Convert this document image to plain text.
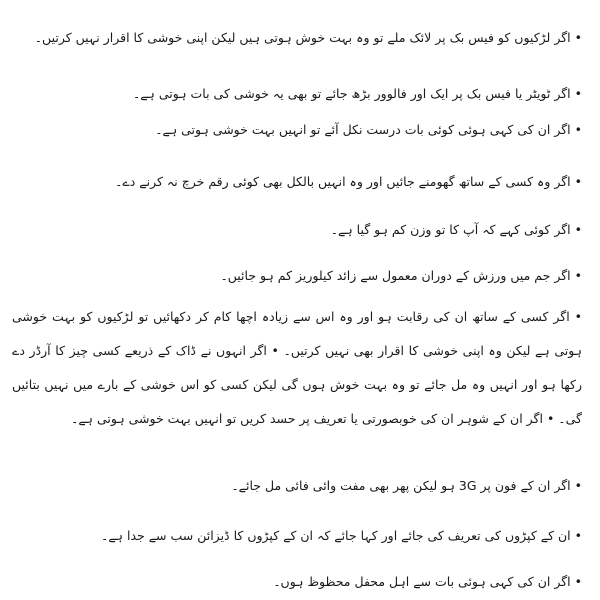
• اگر لڑکیوں کو فیس بک پر لائک ملے تو وہ بہت خوش ہوتی ہیں لیکن اپنی خوشی کا اقرار نہیں کرتیں۔
• اگر ٹویٹر یا فیس بک پر ایک اور فالوور بڑھ جائے تو بھی یہ خوشی کی بات ہوتی ہے۔
• اگر ان کی کہی ہوئی کوئی بات درست نکل آئے تو انہیں بہت خوشی ہوتی ہے۔
• اگر وہ کسی کے ساتھ گھومنے جائیں اور وہ انہیں بالکل بھی کوئی رقم خرچ نہ کرنے دے۔
• اگر کوئی کہے کہ آپ کا تو وزن کم ہو گیا ہے۔
• اگر جم میں ورزش کے دوران معمول سے زائد کیلوریز کم ہو جائیں۔
• اگر کسی کے ساتھ ان کی رقابت ہو اور وہ اس سے زیادہ اچھا کام کر دکھائیں تو لڑکیوں کو بہت خوشی ہوتی ہے لیکن وہ اپنی خوشی کا اقرار بھی نہیں کرتیں۔ • اگر انہوں نے ڈاک کے ذریعے کسی چیز کا آرڈر دے رکھا ہو اور انہیں وہ مل جائے تو وہ بہت خوش ہوں گی لیکن کسی کو اس خوشی کے بارے میں نہیں بتائیں گی۔ • اگر ان کے شوہر ان کی خوبصورتی یا تعریف پر حسد کریں تو انہیں بہت خوشی ہوتی ہے۔
• اگر ان کے فون پر 3G ہو لیکن پھر بھی مفت وائی فائی مل جائے۔
• ان کے کپڑوں کی تعریف کی جائے اور کہا جائے کہ ان کے کپڑوں کا ڈیزائن سب سے جدا ہے۔
• اگر ان کی کہی ہوئی بات سے اہل محفل محظوظ ہوں۔
